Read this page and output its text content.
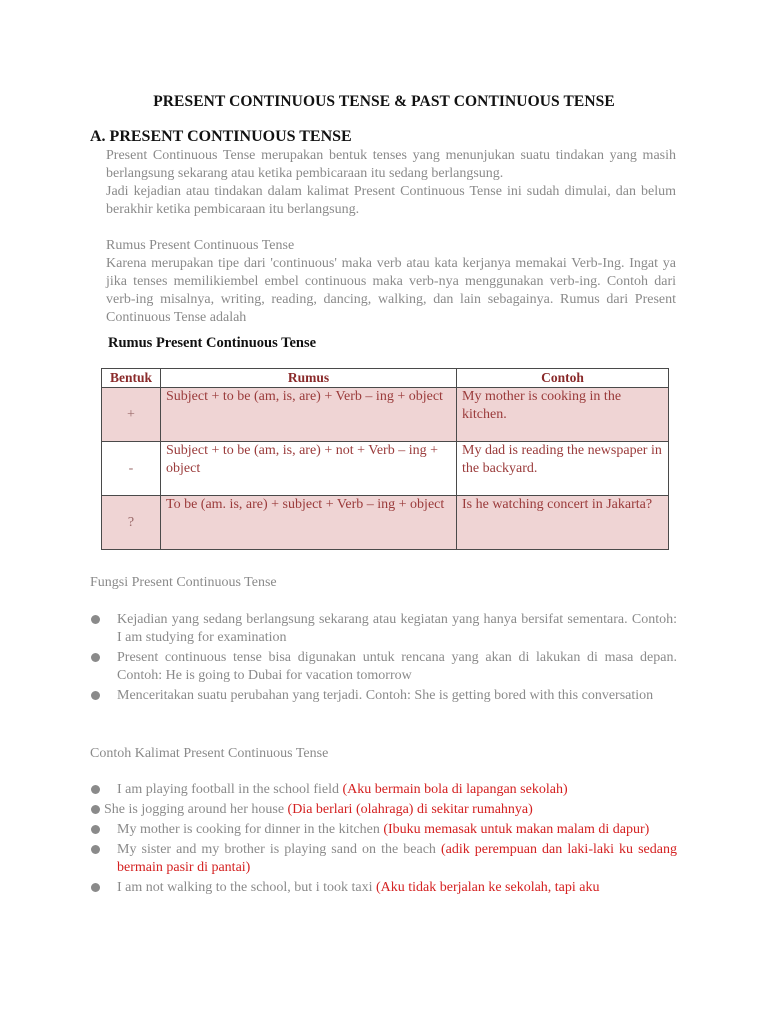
PRESENT CONTINUOUS TENSE & PAST CONTINUOUS TENSE
A. PRESENT CONTINUOUS TENSE

Present Continuous Tense merupakan bentuk tenses yang menunjukan suatu tindakan yang masih berlangsung sekarang atau ketika pembicaraan itu sedang berlangsung.

Jadi kejadian atau tindakan dalam kalimat Present Continuous Tense ini sudah dimulai, dan belum berakhir ketika pembicaraan itu berlangsung.

Rumus Present Continuous Tense

Karena merupakan tipe dari 'continuous' maka verb atau kata kerjanya memakai Verb-Ing. Ingat ya jika tenses memilikiembel embel continuous maka verb-nya menggunakan verb-ing. Contoh dari verb-ing misalnya, writing, reading, dancing, walking, dan lain sebagainya. Rumus dari Present Continuous Tense adalah

Rumus Present Continuous Tense
Bentuk	Rumus	Contoh
+	Subject + to be (am, is, are) + Verb – ing + object	My mother is cooking in the kitchen.
-	Subject + to be (am, is, are) + not + Verb – ing + object	My dad is reading the newspaper in the backyard.
?	To be (am. is, are) + subject + Verb – ing + object	Is he watching concert in Jakarta?
Fungsi Present Continuous Tense
Kejadian yang sedang berlangsung sekarang atau kegiatan yang hanya bersifat sementara. Contoh: I am studying for examination
Present continuous tense bisa digunakan untuk rencana yang akan di lakukan di masa depan. Contoh: He is going to Dubai for vacation tomorrow
Menceritakan suatu perubahan yang terjadi. Contoh: She is getting bored with this conversation
Contoh Kalimat Present Continuous Tense
I am playing football in the school field (Aku bermain bola di lapangan sekolah)
She is jogging around her house (Dia berlari (olahraga) di sekitar rumahnya)
My mother is cooking for dinner in the kitchen (Ibuku memasak untuk makan malam di dapur)
My sister and my brother is playing sand on the beach (adik perempuan dan laki-laki ku sedang bermain pasir di pantai)
I am not walking to the school, but i took taxi (Aku tidak berjalan ke sekolah, tapi aku
